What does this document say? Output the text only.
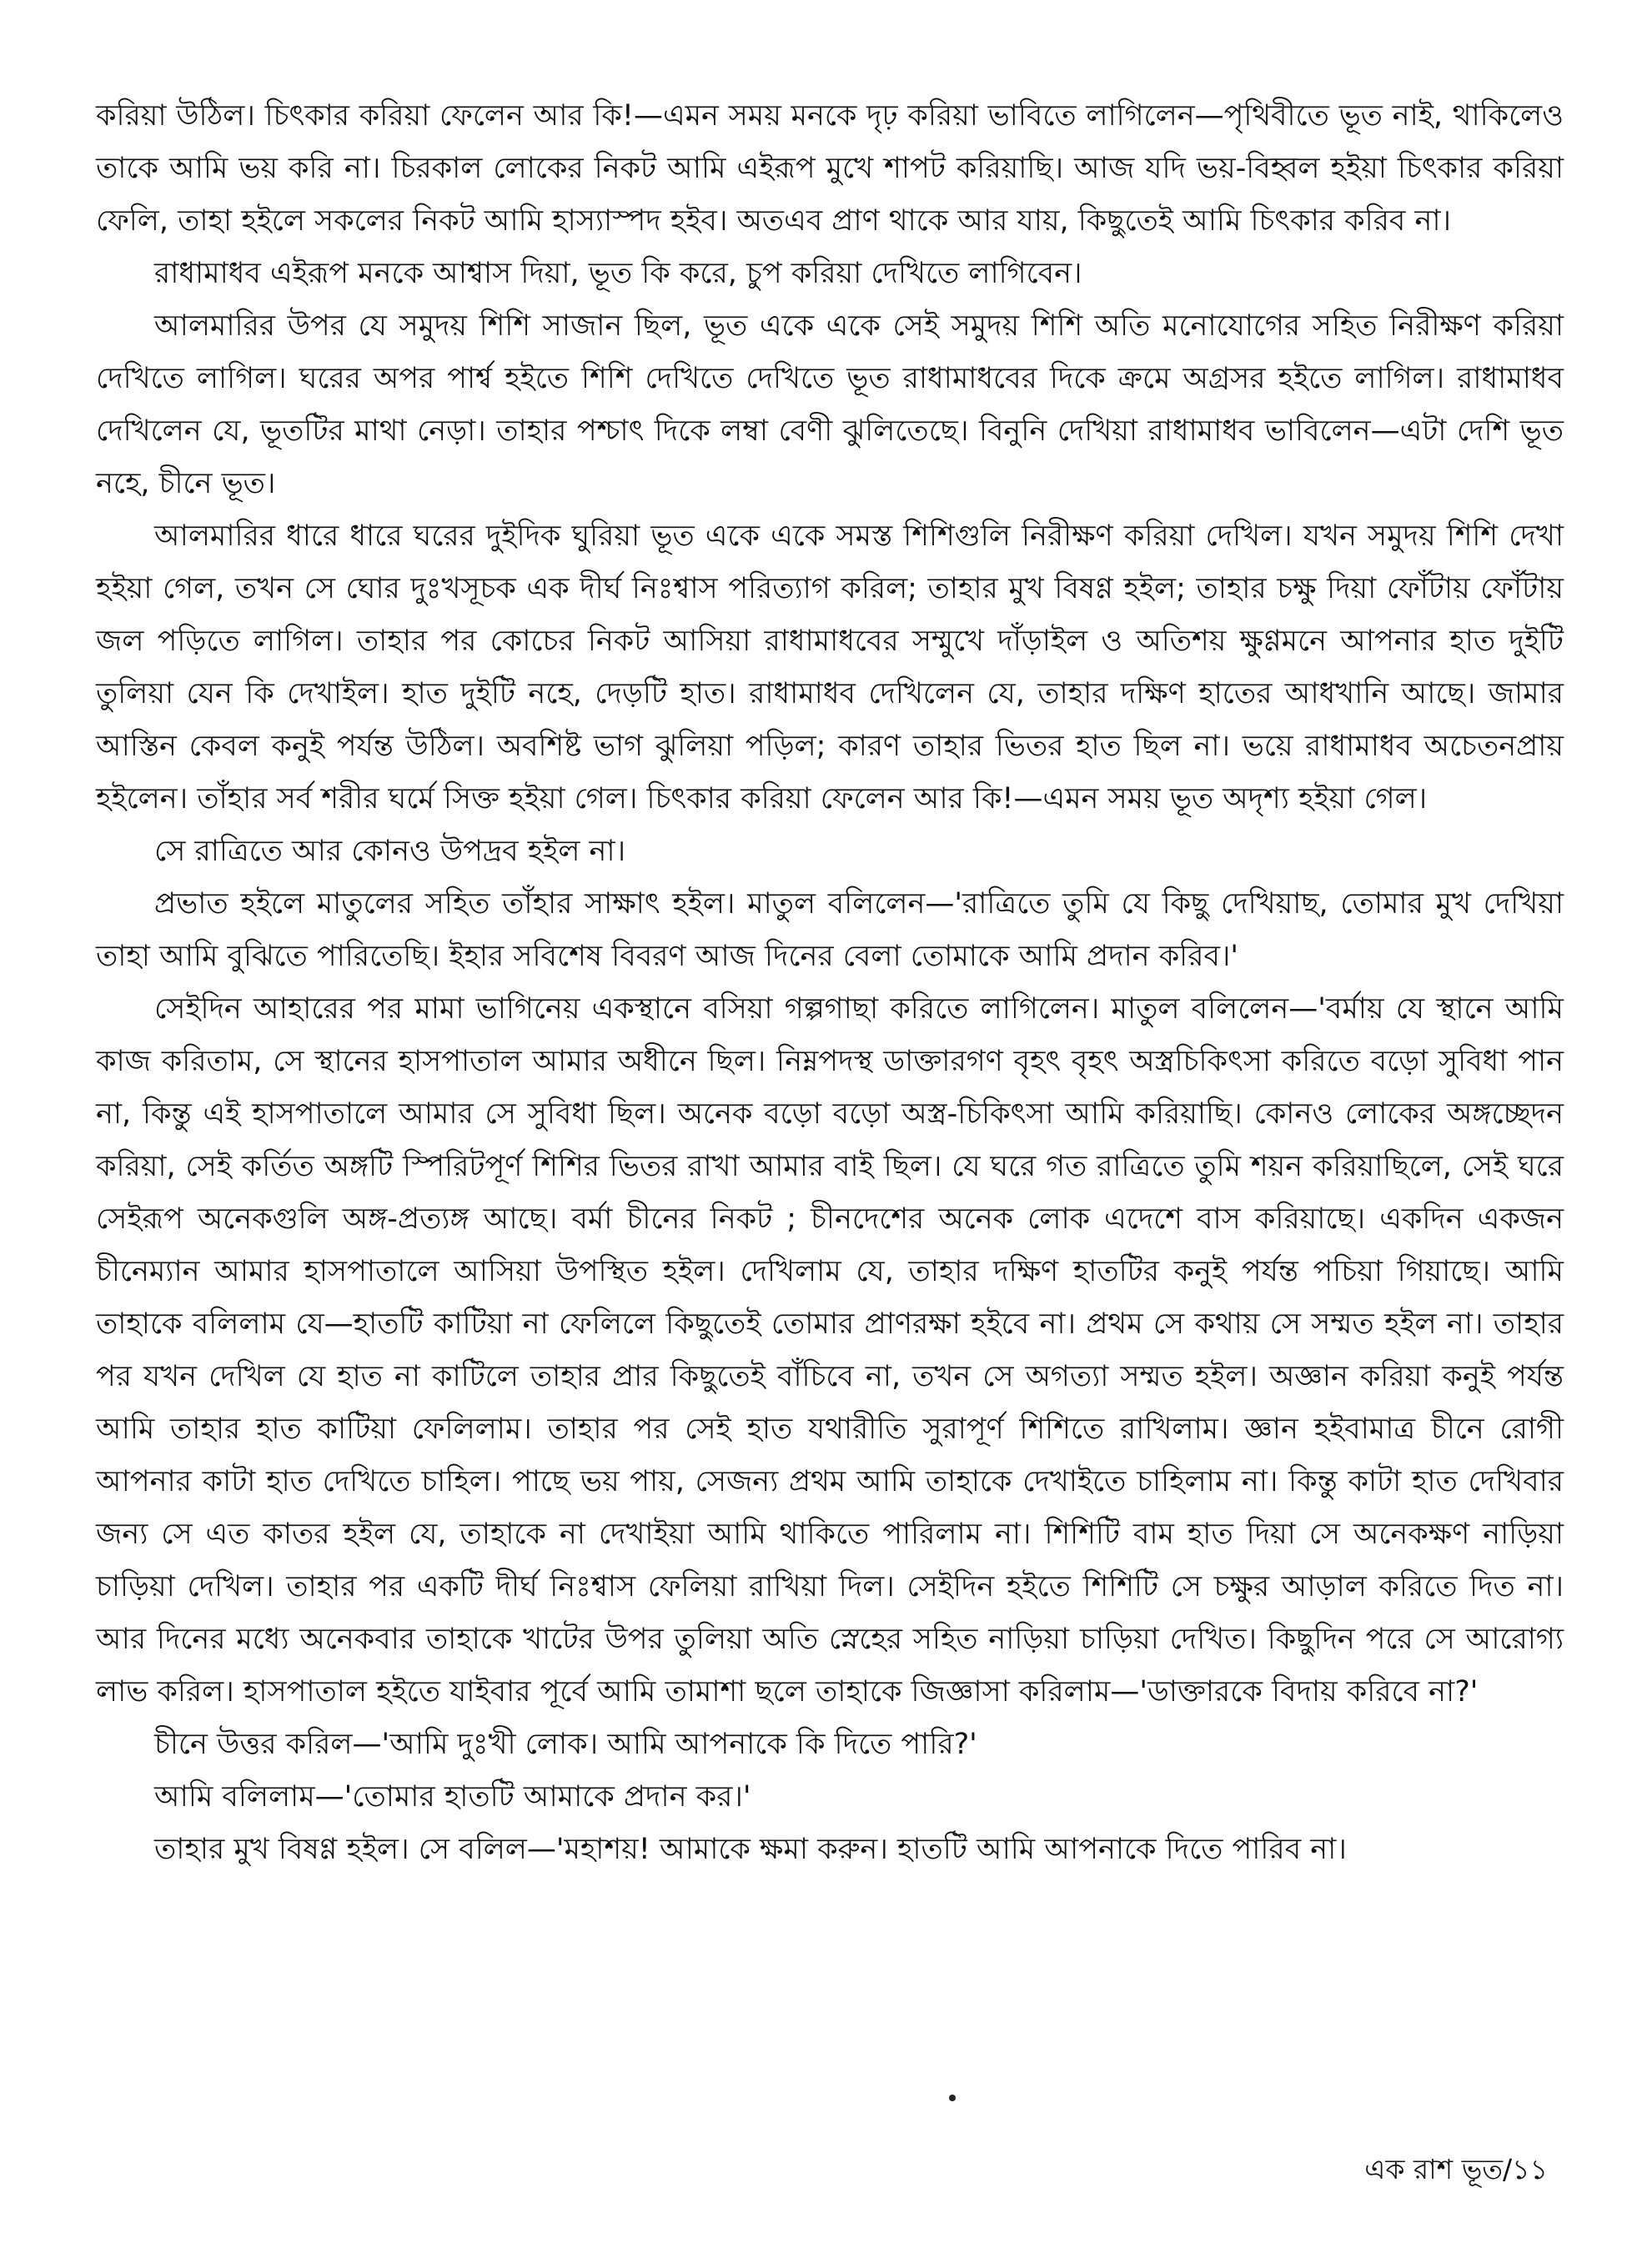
করিয়া উঠিল। চিৎকার করিয়া ফেলেন আর কি!—এমন সময় মনকে দৃঢ় করিয়া ভাবিতে লাগিলেন—পৃথিবীতে ভূত নাই, থাকিলেও তাকে আমি ভয় করি না। চিরকাল লোকের নিকট আমি এইরূপ মুখে শাপট করিয়াছি। আজ যদি ভয়-বিহ্বল হইয়া চিৎকার করিয়া ফেলি, তাহা হইলে সকলের নিকট আমি হাস্যাস্পদ হইব। অতএব প্রাণ থাকে আর যায়, কিছুতেই আমি চিৎকার করিব না।

রাধামাধব এইরূপ মনকে আশ্বাস দিয়া, ভূত কি করে, চুপ করিয়া দেখিতে লাগিবেন।

আলমারির উপর যে সমুদয় শিশি সাজান ছিল, ভূত একে একে সেই সমুদয় শিশি অতি মনোযোগের সহিত নিরীক্ষণ করিয়া দেখিতে লাগিল। ঘরের অপর পার্শ্ব হইতে শিশি দেখিতে দেখিতে ভূত রাধামাধবের দিকে ক্রমে অগ্রসর হইতে লাগিল। রাধামাধব দেখিলেন যে, ভূতটির মাথা নেড়া। তাহার পশ্চাৎ দিকে লম্বা বেণী ঝুলিতেছে। বিনুনি দেখিয়া রাধামাধব ভাবিলেন—এটা দেশি ভূত নহে, চীনে ভূত।

আলমারির ধারে ধারে ঘরের দুইদিক ঘুরিয়া ভূত একে একে সমস্ত শিশিগুলি নিরীক্ষণ করিয়া দেখিল। যখন সমুদয় শিশি দেখা হইয়া গেল, তখন সে ঘোর দুঃখসূচক এক দীর্ঘ নিঃশ্বাস পরিত্যাগ করিল; তাহার মুখ বিষণ্ণ হইল; তাহার চক্ষু দিয়া ফোঁটায় ফোঁটায় জল পড়িতে লাগিল। তাহার পর কোচের নিকট আসিয়া রাধামাধবের সম্মুখে দাঁড়াইল ও অতিশয় ক্ষুণ্ণমনে আপনার হাত দুইটি তুলিয়া যেন কি দেখাইল। হাত দুইটি নহে, দেড়টি হাত। রাধামাধব দেখিলেন যে, তাহার দক্ষিণ হাতের আধখানি আছে। জামার আস্তিন কেবল কনুই পর্যন্ত উঠিল। অবশিষ্ট ভাগ ঝুলিয়া পড়িল; কারণ তাহার ভিতর হাত ছিল না। ভয়ে রাধামাধব অচেতনপ্রায় হইলেন। তাঁহার সর্ব শরীর ঘর্মে সিক্ত হইয়া গেল। চিৎকার করিয়া ফেলেন আর কি!—এমন সময় ভূত অদৃশ্য হইয়া গেল।

সে রাত্রিতে আর কোনও উপদ্রব হইল না।

প্রভাত হইলে মাতুলের সহিত তাঁহার সাক্ষাৎ হইল। মাতুল বলিলেন—'রাত্রিতে তুমি যে কিছু দেখিয়াছ, তোমার মুখ দেখিয়া তাহা আমি বুঝিতে পারিতেছি। ইহার সবিশেষ বিবরণ আজ দিনের বেলা তোমাকে আমি প্রদান করিব।'

সেইদিন আহারের পর মামা ভাগিনেয় একস্থানে বসিয়া গল্পগাছা করিতে লাগিলেন। মাতুল বলিলেন—'বর্মায় যে স্থানে আমি কাজ করিতাম, সে স্থানের হাসপাতাল আমার অধীনে ছিল। নিম্নপদস্থ ডাক্তারগণ বৃহৎ বৃহৎ অস্ত্রচিকিৎসা করিতে বড়ো সুবিধা পান না, কিন্তু এই হাসপাতালে আমার সে সুবিধা ছিল। অনেক বড়ো বড়ো অস্ত্র-চিকিৎসা আমি করিয়াছি। কোনও লোকের অঙ্গচ্ছেদন করিয়া, সেই কর্তিত অঙ্গটি স্পিরিটপূর্ণ শিশির ভিতর রাখা আমার বাই ছিল। যে ঘরে গত রাত্রিতে তুমি শয়ন করিয়াছিলে, সেই ঘরে সেইরূপ অনেকগুলি অঙ্গ-প্রত্যঙ্গ আছে। বর্মা চীনের নিকট ; চীনদেশের অনেক লোক এদেশে বাস করিয়াছে। একদিন একজন চীনেম্যান আমার হাসপাতালে আসিয়া উপস্থিত হইল। দেখিলাম যে, তাহার দক্ষিণ হাতটির কনুই পর্যন্ত পচিয়া গিয়াছে। আমি তাহাকে বলিলাম যে—হাতটি কাটিয়া না ফেলিলে কিছুতেই তোমার প্রাণরক্ষা হইবে না। প্রথম সে কথায় সে সম্মত হইল না। তাহার পর যখন দেখিল যে হাত না কাটিলে তাহার প্রার কিছুতেই বাঁচিবে না, তখন সে অগত্যা সম্মত হইল। অজ্ঞান করিয়া কনুই পর্যন্ত আমি তাহার হাত কাটিয়া ফেলিলাম। তাহার পর সেই হাত যথারীতি সুরাপূর্ণ শিশিতে রাখিলাম। জ্ঞান হইবামাত্র চীনে রোগী আপনার কাটা হাত দেখিতে চাহিল। পাছে ভয় পায়, সেজন্য প্রথম আমি তাহাকে দেখাইতে চাহিলাম না। কিন্তু কাটা হাত দেখিবার জন্য সে এত কাতর হইল যে, তাহাকে না দেখাইয়া আমি থাকিতে পারিলাম না। শিশিটি বাম হাত দিয়া সে অনেকক্ষণ নাড়িয়া চাড়িয়া দেখিল। তাহার পর একটি দীর্ঘ নিঃশ্বাস ফেলিয়া রাখিয়া দিল। সেইদিন হইতে শিশিটি সে চক্ষুর আড়াল করিতে দিত না। আর দিনের মধ্যে অনেকবার তাহাকে খাটের উপর তুলিয়া অতি স্নেহের সহিত নাড়িয়া চাড়িয়া দেখিত। কিছুদিন পরে সে আরোগ্য লাভ করিল। হাসপাতাল হইতে যাইবার পূর্বে আমি তামাশা ছলে তাহাকে জিজ্ঞাসা করিলাম—'ডাক্তারকে বিদায় করিবে না?'

চীনে উত্তর করিল—'আমি দুঃখী লোক। আমি আপনাকে কি দিতে পারি?'

আমি বলিলাম—'তোমার হাতটি আমাকে প্রদান কর।'

তাহার মুখ বিষণ্ণ হইল। সে বলিল—'মহাশয়! আমাকে ক্ষমা করুন। হাতটি আমি আপনাকে দিতে পারিব না।

এক রাশ ভূত/১১
